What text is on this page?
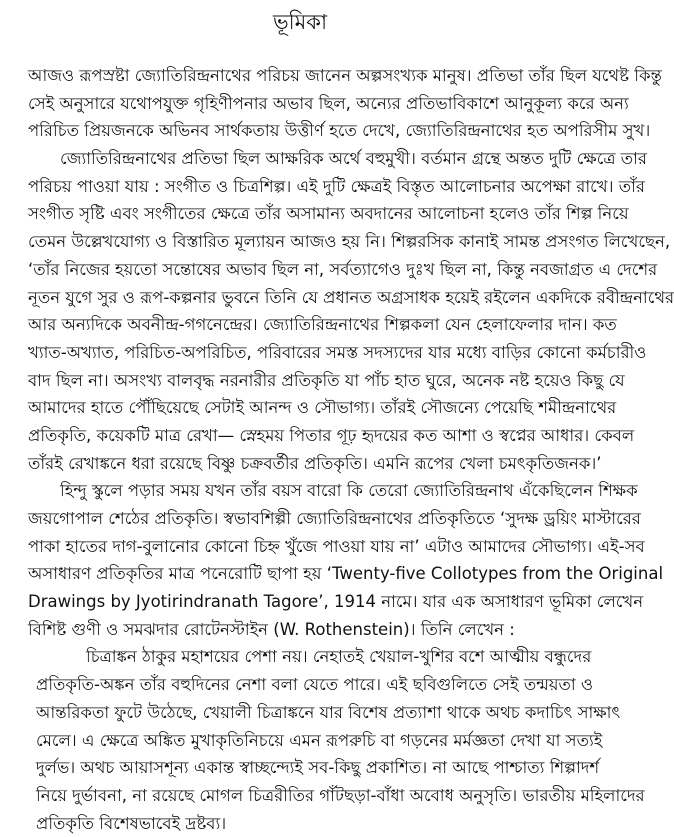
ভূমিকা
আজও রূপস্রষ্টা জ্যোতিরিন্দ্রনাথের পরিচয় জানেন অল্পসংখ্যক মানুষ। প্রতিভা তাঁর ছিল যথেষ্ট কিন্তু
সেই অনুসারে যথোপযুক্ত গৃহিণীপনার অভাব ছিল, অন্যের প্রতিভাবিকাশে আনুকূল্য করে অন্য
পরিচিত প্রিয়জনকে অভিনব সার্থকতায় উত্তীর্ণ হতে দেখে, জ্যোতিরিন্দ্রনাথের হত অপরিসীম সুখ।
জ্যোতিরিন্দ্রনাথের প্রতিভা ছিল আক্ষরিক অর্থে বহুমুখী। বর্তমান গ্রন্থে অন্তত দুটি ক্ষেত্রে তার
পরিচয় পাওয়া যায় : সংগীত ও চিত্রশিল্প। এই দুটি ক্ষেত্রই বিস্তৃত আলোচনার অপেক্ষা রাখে। তাঁর
সংগীত সৃষ্টি এবং সংগীতের ক্ষেত্রে তাঁর অসামান্য অবদানের আলোচনা হলেও তাঁর শিল্প নিয়ে
তেমন উল্লেখযোগ্য ও বিস্তারিত মূল্যায়ন আজও হয় নি। শিল্পরসিক কানাই সামন্ত প্রসংগত লিখেছেন,
‘তাঁর নিজের হয়তো সন্তোষের অভাব ছিল না, সর্বত্যাগেও দুঃখ ছিল না, কিন্তু নবজাগ্রত এ দেশের
নূতন যুগে সুর ও রূপ-কল্পনার ভুবনে তিনি যে প্রধানত অগ্রসাধক হয়েই রইলেন একদিকে রবীন্দ্রনাথের
আর অন্যদিকে অবনীন্দ্র-গগনেন্দ্রের। জ্যোতিরিন্দ্রনাথের শিল্পকলা যেন হেলাফেলার দান। কত
খ্যাত-অখ্যাত, পরিচিত-অপরিচিত, পরিবারের সমস্ত সদস্যদের যার মধ্যে বাড়ির কোনো কর্মচারীও
বাদ ছিল না। অসংখ্য বালবৃদ্ধ নরনারীর প্রতিকৃতি যা পাঁচ হাত ঘুরে, অনেক নষ্ট হয়েও কিছু যে
আমাদের হাতে পৌঁছিয়েছে সেটাই আনন্দ ও সৌভাগ্য। তাঁরই সৌজন্যে পেয়েছি শমীন্দ্রনাথের
প্রতিকৃতি, কয়েকটি মাত্র রেখা— স্নেহময় পিতার গূঢ় হৃদয়ের কত আশা ও স্বপ্নের আধার। কেবল
তাঁরই রেখাঙ্কনে ধরা রয়েছে বিষ্ণু চক্রবর্তীর প্রতিকৃতি। এমনি রূপের খেলা চমৎকৃতিজনক।’
হিন্দু স্কুলে পড়ার সময় যখন তাঁর বয়স বারো কি তেরো জ্যোতিরিন্দ্রনাথ এঁকেছিলেন শিক্ষক
জয়গোপাল শেঠের প্রতিকৃতি। স্বভাবশিল্পী জ্যোতিরিন্দ্রনাথের প্রতিকৃতিতে ‘সুদক্ষ ড্রয়িং মাস্টারের
পাকা হাতের দাগ-বুলানোর কোনো চিহ্ন খুঁজে পাওয়া যায় না’ এটাও আমাদের সৌভাগ্য। এই-সব
অসাধারণ প্রতিকৃতির মাত্র পনেরোটি ছাপা হয় ‘Twenty-five Collotypes from the Original
Drawings by Jyotirindranath Tagore’, 1914 নামে। যার এক অসাধারণ ভূমিকা লেখেন
বিশিষ্ট গুণী ও সমঝদার রোটেনস্টাইন (W. Rothenstein)। তিনি লেখেন :
চিত্রাঙ্কন ঠাকুর মহাশয়ের পেশা নয়। নেহাতই খেয়াল-খুশির বশে আত্মীয় বন্ধুদের
প্রতিকৃতি-অঙ্কন তাঁর বহুদিনের নেশা বলা যেতে পারে। এই ছবিগুলিতে সেই তন্ময়তা ও
আন্তরিকতা ফুটে উঠেছে, খেয়ালী চিত্রাঙ্কনে যার বিশেষ প্রত্যাশা থাকে অথচ কদাচিৎ সাক্ষাৎ
মেলে। এ ক্ষেত্রে অঙ্কিত মুখাকৃতিনিচয়ে এমন রূপরুচি বা গড়নের মর্মজ্ঞতা দেখা যা সত্যই
দুর্লভ। অথচ আয়াসশূন্য একান্ত স্বাচ্ছন্দ্যেই সব-কিছু প্রকাশিত। না আছে পাশ্চাত্য শিল্পাদর্শ
নিয়ে দুর্ভাবনা, না রয়েছে মোগল চিত্ররীতির গাঁটছড়া-বাঁধা অবোধ অনুসৃতি। ভারতীয় মহিলাদের
প্রতিকৃতি বিশেষভাবেই দ্রষ্টব্য।
